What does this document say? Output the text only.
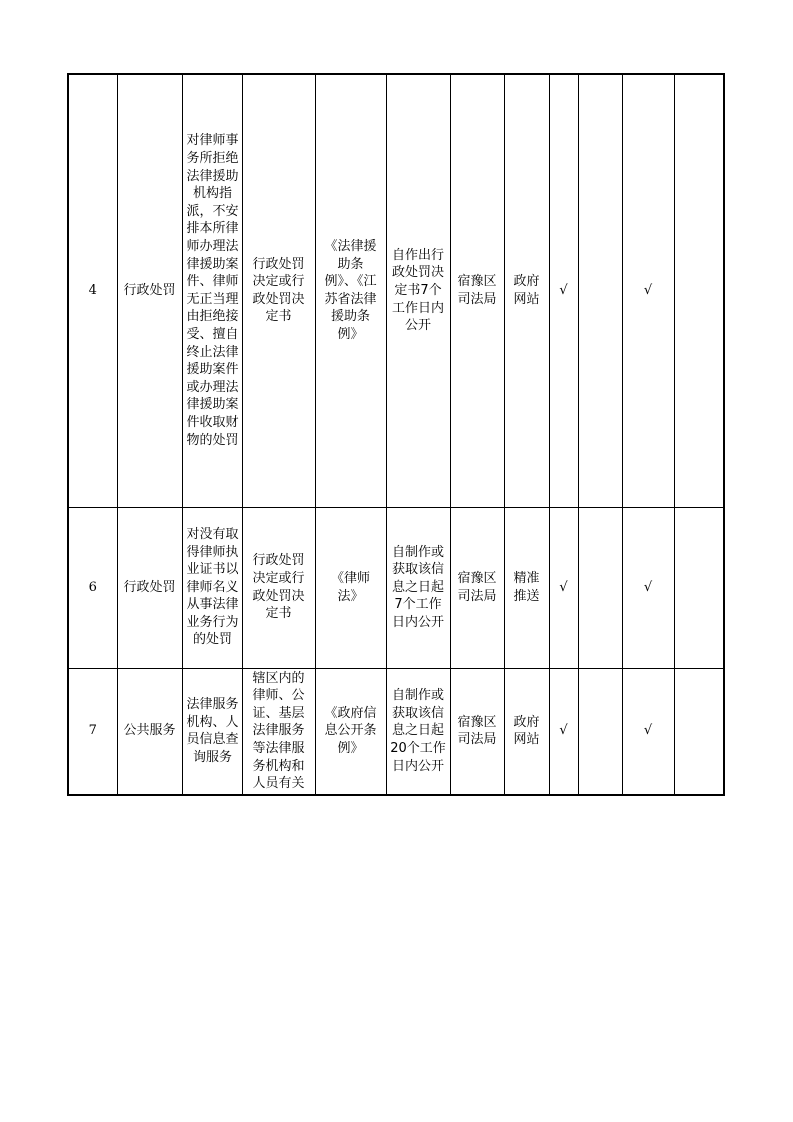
4	行政处罚	对律师事务所拒绝法律援助机构指派，不安排本所律师办理法律援助案件、律师无正当理由拒绝接受、擅自终止法律援助案件或办理法律援助案件收取财物的处罚	行政处罚决定或行政处罚决定书	《法律援助条例》、《江苏省法律援助条例》	自作出行政处罚决定书7个工作日内公开	宿豫区司法局	政府网站	√		√	
6	行政处罚	对没有取得律师执业证书以律师名义从事法律业务行为的处罚	行政处罚决定或行政处罚决定书	《律师法》	自制作或获取该信息之日起7个工作日内公开	宿豫区司法局	精准推送	√		√	
7	公共服务	法律服务机构、人员信息查询服务	辖区内的律师、公证、基层法律服务等法律服务机构和人员有关	《政府信息公开条例》	自制作或获取该信息之日起20个工作日内公开	宿豫区司法局	政府网站	√		√	
